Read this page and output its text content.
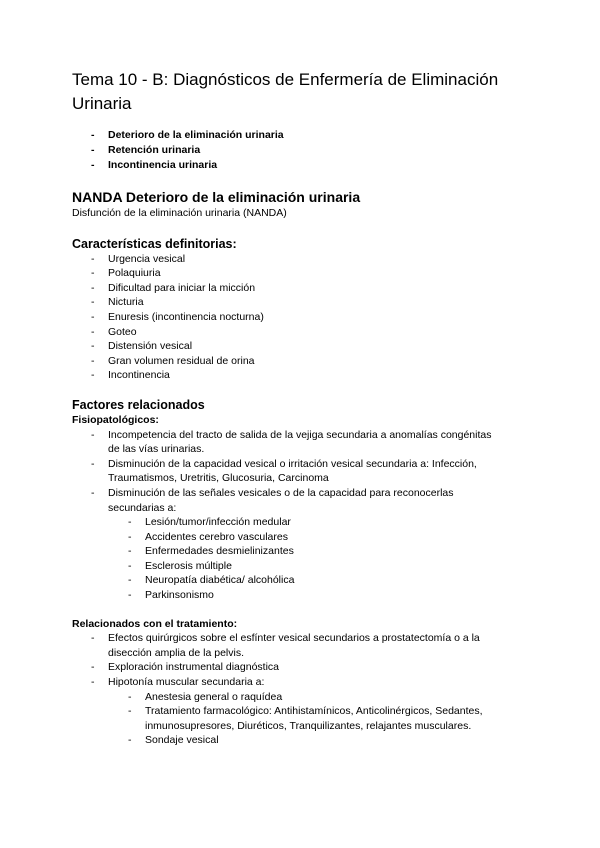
Tema 10 - B: Diagnósticos de Enfermería de Eliminación
Urinaria
- Deterioro de la eliminación urinaria
- Retención urinaria
- Incontinencia urinaria
NANDA Deterioro de la eliminación urinaria
Disfunción de la eliminación urinaria (NANDA)
Características definitorias:
- Urgencia vesical
- Polaquiuria
- Dificultad para iniciar la micción
- Nicturia
- Enuresis (incontinencia nocturna)
- Goteo
- Distensión vesical
- Gran volumen residual de orina
- Incontinencia
Factores relacionados
Fisiopatológicos:
- Incompetencia del tracto de salida de la vejiga secundaria a anomalías congénitas
de las vías urinarias.
- Disminución de la capacidad vesical o irritación vesical secundaria a: Infección,
Traumatismos, Uretritis, Glucosuria, Carcinoma
- Disminución de las señales vesicales o de la capacidad para reconocerlas
secundarias a:
- Lesión/tumor/infección medular
- Accidentes cerebro vasculares
- Enfermedades desmielinizantes
- Esclerosis múltiple
- Neuropatía diabética/ alcohólica
- Parkinsonismo
Relacionados con el tratamiento:
- Efectos quirúrgicos sobre el esfínter vesical secundarios a prostatectomía o a la
disección amplia de la pelvis.
- Exploración instrumental diagnóstica
- Hipotonía muscular secundaria a:
- Anestesia general o raquídea
- Tratamiento farmacológico: Antihistamínicos, Anticolinérgicos, Sedantes,
inmunosupresores, Diuréticos, Tranquilizantes, relajantes musculares.
- Sondaje vesical
